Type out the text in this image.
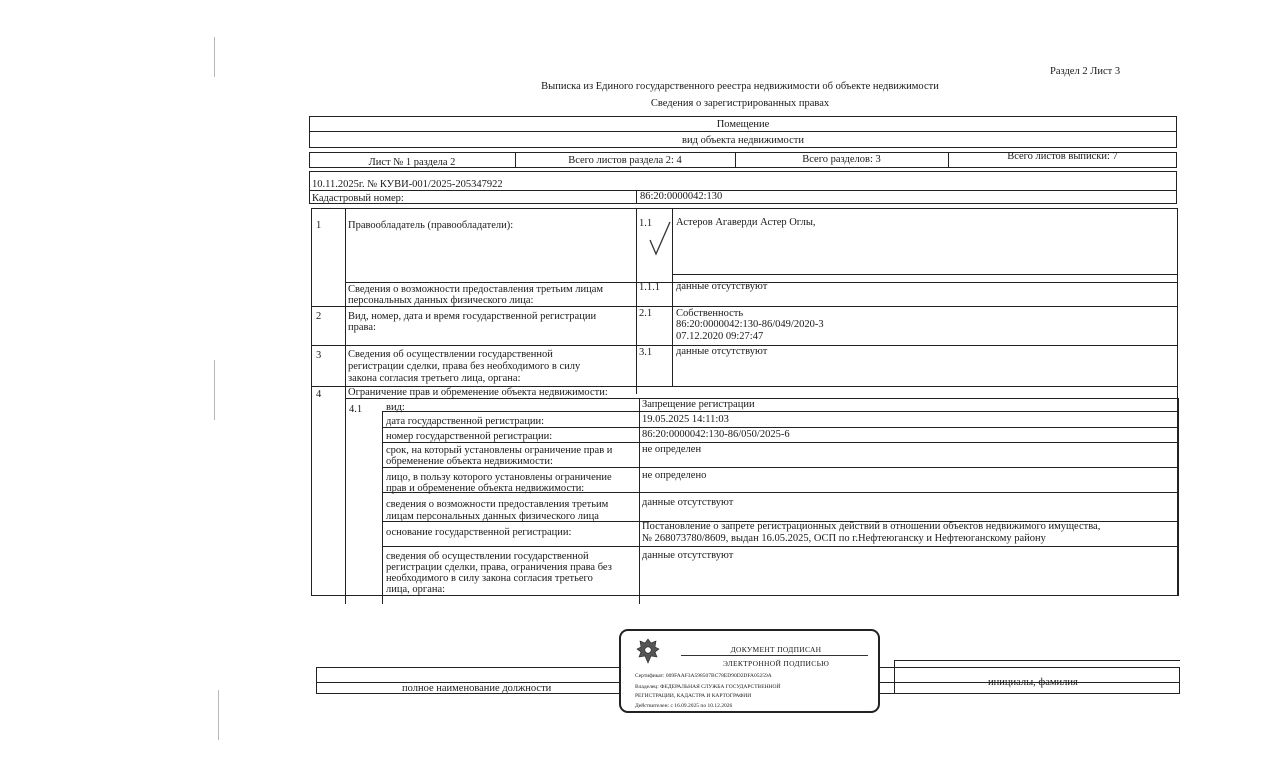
Раздел 2 Лист 3
Выписка из Единого государственного реестра недвижимости об объекте недвижимости
Сведения о зарегистрированных правах
Помещение
вид объекта недвижимости
Лист № 1 раздела 2	Всего листов раздела 2: 4	Всего разделов: 3	Всего листов выписки: 7
10.11.2025г. № КУВИ-001/2025-205347922
Кадастровый номер:	86:20:0000042:130
1	Правообладатель (правообладатели):	1.1 Астеров Агаверди Астер Оглы,
Сведения о возможности предоставления третьим лицам
персональных данных физического лица:
1.1.1 данные отсутствуют
2	Вид, номер, дата и время государственной регистрации
права:
2.1 Собственность
86:20:0000042:130-86/049/2020-3
07.12.2020 09:27:47
3	Сведения об осуществлении государственной
регистрации сделки, права без необходимого в силу
закона согласия третьего лица, органа:
3.1 данные отсутствуют
4	Ограничение прав и обременение объекта недвижимости:
4.1 вид:	Запрещение регистрации
дата государственной регистрации:	19.05.2025 14:11:03
номер государственной регистрации:	86:20:0000042:130-86/050/2025-6
срок, на который установлены ограничение прав и
обременение объекта недвижимости:
не определен
лицо, в пользу которого установлены ограничение
прав и обременение объекта недвижимости:
не определено
сведения о возможности предоставления третьим
лицам персональных данных физического лица
данные отсутствуют
основание государственной регистрации:
Постановление о запрете регистрационных действий в отношении объектов недвижимого имущества,
№ 268073780/8609, выдан 16.05.2025, ОСП по г.Нефтеюганску и Нефтеюганскому району
сведения об осуществлении государственной
регистрации сделки, права, ограничения права без
необходимого в силу закона согласия третьего
лица, органа:
данные отсутствуют
полное наименование должности
инициалы, фамилия
ДОКУМЕНТ ПОДПИСАН
ЭЛЕКТРОННОЙ ПОДПИСЬЮ
Сертификат: 009FAAF3A598507BC78ED90D2DFA05259A
Владелец: ФЕДЕРАЛЬНАЯ СЛУЖБА ГОСУДАРСТВЕННОЙ
РЕГИСТРАЦИИ, КАДАСТРА И КАРТОГРАФИИ
Действителен: с 16.09.2025 по 10.12.2026
